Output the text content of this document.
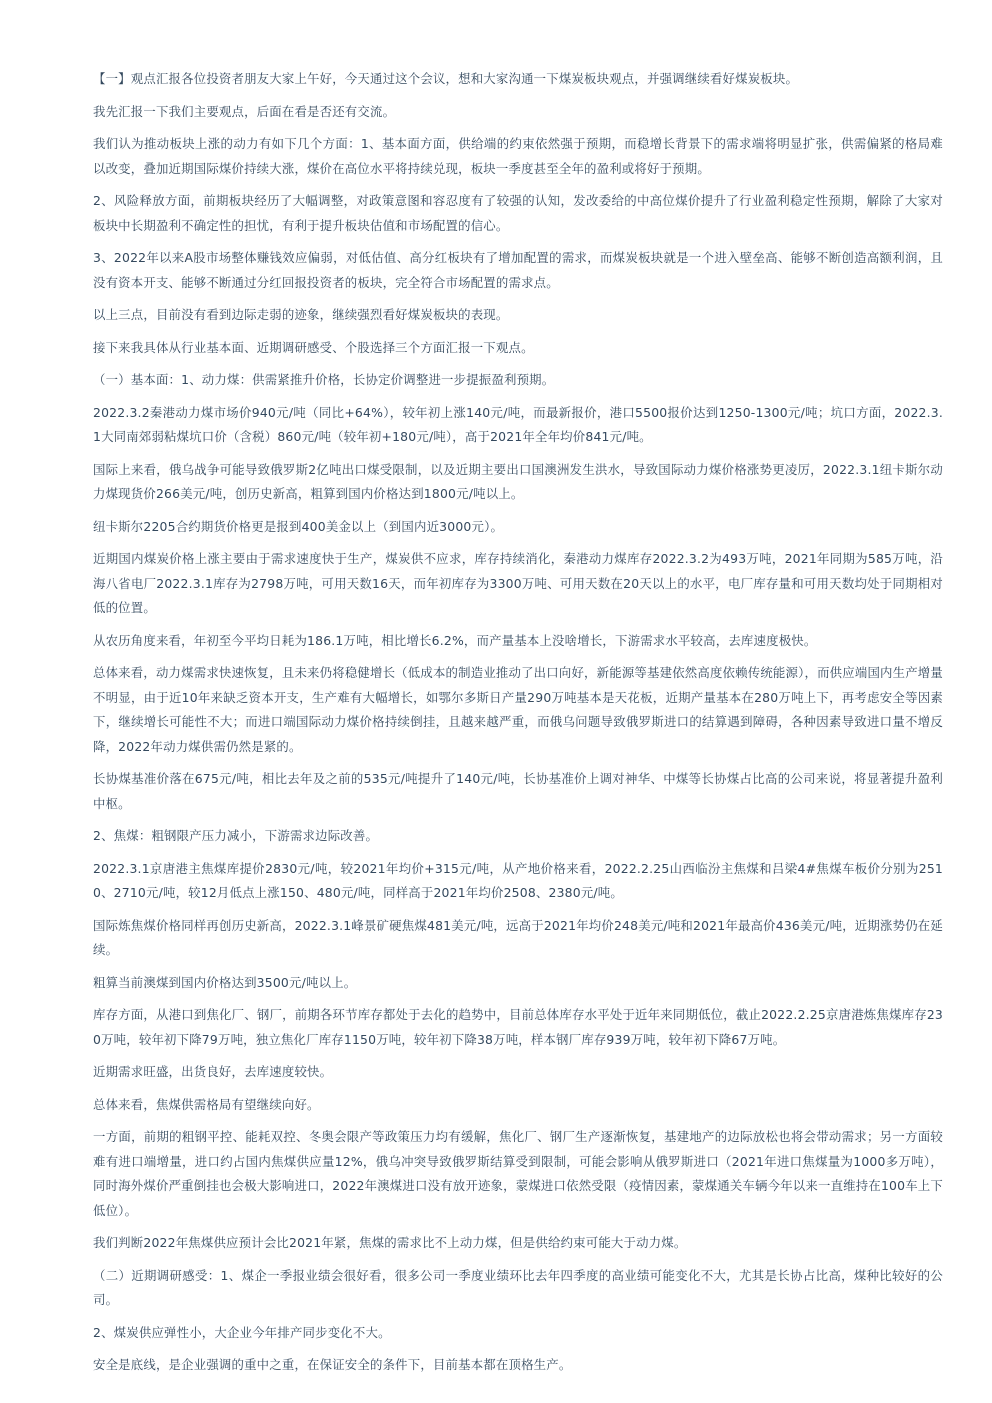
【一】观点汇报各位投资者朋友大家上午好，今天通过这个会议，想和大家沟通一下煤炭板块观点，并强调继续看好煤炭板块。

我先汇报一下我们主要观点，后面在看是否还有交流。

我们认为推动板块上涨的动力有如下几个方面：1、基本面方面，供给端的约束依然强于预期，而稳增长背景下的需求端将明显扩张，供需偏紧的格局难以改变，叠加近期国际煤价持续大涨，煤价在高位水平将持续兑现，板块一季度甚至全年的盈利或将好于预期。

2、风险释放方面，前期板块经历了大幅调整，对政策意图和容忍度有了较强的认知，发改委给的中高位煤价提升了行业盈利稳定性预期，解除了大家对板块中长期盈利不确定性的担忧，有利于提升板块估值和市场配置的信心。

3、2022年以来A股市场整体赚钱效应偏弱，对低估值、高分红板块有了增加配置的需求，而煤炭板块就是一个进入壁垒高、能够不断创造高额利润，且没有资本开支、能够不断通过分红回报投资者的板块，完全符合市场配置的需求点。

以上三点，目前没有看到边际走弱的迹象，继续强烈看好煤炭板块的表现。

接下来我具体从行业基本面、近期调研感受、个股选择三个方面汇报一下观点。

（一）基本面：1、动力煤：供需紧推升价格，长协定价调整进一步提振盈利预期。

2022.3.2秦港动力煤市场价940元/吨（同比+64%），较年初上涨140元/吨，而最新报价，港口5500报价达到1250-1300元/吨；坑口方面，2022.3.1大同南郊弱粘煤坑口价（含税）860元/吨（较年初+180元/吨），高于2021年全年均价841元/吨。

国际上来看，俄乌战争可能导致俄罗斯2亿吨出口煤受限制，以及近期主要出口国澳洲发生洪水，导致国际动力煤价格涨势更凌厉，2022.3.1纽卡斯尔动力煤现货价266美元/吨，创历史新高，粗算到国内价格达到1800元/吨以上。

纽卡斯尔2205合约期货价格更是报到400美金以上（到国内近3000元）。

近期国内煤炭价格上涨主要由于需求速度快于生产，煤炭供不应求，库存持续消化，秦港动力煤库存2022.3.2为493万吨，2021年同期为585万吨，沿海八省电厂2022.3.1库存为2798万吨，可用天数16天，而年初库存为3300万吨、可用天数在20天以上的水平，电厂库存量和可用天数均处于同期相对低的位置。

从农历角度来看，年初至今平均日耗为186.1万吨，相比增长6.2%，而产量基本上没啥增长，下游需求水平较高，去库速度极快。

总体来看，动力煤需求快速恢复，且未来仍将稳健增长（低成本的制造业推动了出口向好，新能源等基建依然高度依赖传统能源），而供应端国内生产增量不明显，由于近10年来缺乏资本开支，生产难有大幅增长，如鄂尔多斯日产量290万吨基本是天花板，近期产量基本在280万吨上下，再考虑安全等因素下，继续增长可能性不大；而进口端国际动力煤价格持续倒挂，且越来越严重，而俄乌问题导致俄罗斯进口的结算遇到障碍，各种因素导致进口量不增反降，2022年动力煤供需仍然是紧的。

长协煤基准价落在675元/吨，相比去年及之前的535元/吨提升了140元/吨，长协基准价上调对神华、中煤等长协煤占比高的公司来说，将显著提升盈利中枢。

2、焦煤：粗钢限产压力减小，下游需求边际改善。

2022.3.1京唐港主焦煤库提价2830元/吨，较2021年均价+315元/吨，从产地价格来看，2022.2.25山西临汾主焦煤和吕梁4#焦煤车板价分别为2510、2710元/吨，较12月低点上涨150、480元/吨，同样高于2021年均价2508、2380元/吨。

国际炼焦煤价格同样再创历史新高，2022.3.1峰景矿硬焦煤481美元/吨，远高于2021年均价248美元/吨和2021年最高价436美元/吨，近期涨势仍在延续。

粗算当前澳煤到国内价格达到3500元/吨以上。

库存方面，从港口到焦化厂、钢厂，前期各环节库存都处于去化的趋势中，目前总体库存水平处于近年来同期低位，截止2022.2.25京唐港炼焦煤库存230万吨，较年初下降79万吨，独立焦化厂库存1150万吨，较年初下降38万吨，样本钢厂库存939万吨，较年初下降67万吨。

近期需求旺盛，出货良好，去库速度较快。

总体来看，焦煤供需格局有望继续向好。

一方面，前期的粗钢平控、能耗双控、冬奥会限产等政策压力均有缓解，焦化厂、钢厂生产逐渐恢复，基建地产的边际放松也将会带动需求；另一方面较难有进口端增量，进口约占国内焦煤供应量12%，俄乌冲突导致俄罗斯结算受到限制，可能会影响从俄罗斯进口（2021年进口焦煤量为1000多万吨），同时海外煤价严重倒挂也会极大影响进口，2022年澳煤进口没有放开迹象，蒙煤进口依然受限（疫情因素，蒙煤通关车辆今年以来一直维持在100车上下低位）。

我们判断2022年焦煤供应预计会比2021年紧，焦煤的需求比不上动力煤，但是供给约束可能大于动力煤。

（二）近期调研感受：1、煤企一季报业绩会很好看，很多公司一季度业绩环比去年四季度的高业绩可能变化不大，尤其是长协占比高，煤种比较好的公司。

2、煤炭供应弹性小，大企业今年排产同步变化不大。

安全是底线，是企业强调的重中之重，在保证安全的条件下，目前基本都在顶格生产。
